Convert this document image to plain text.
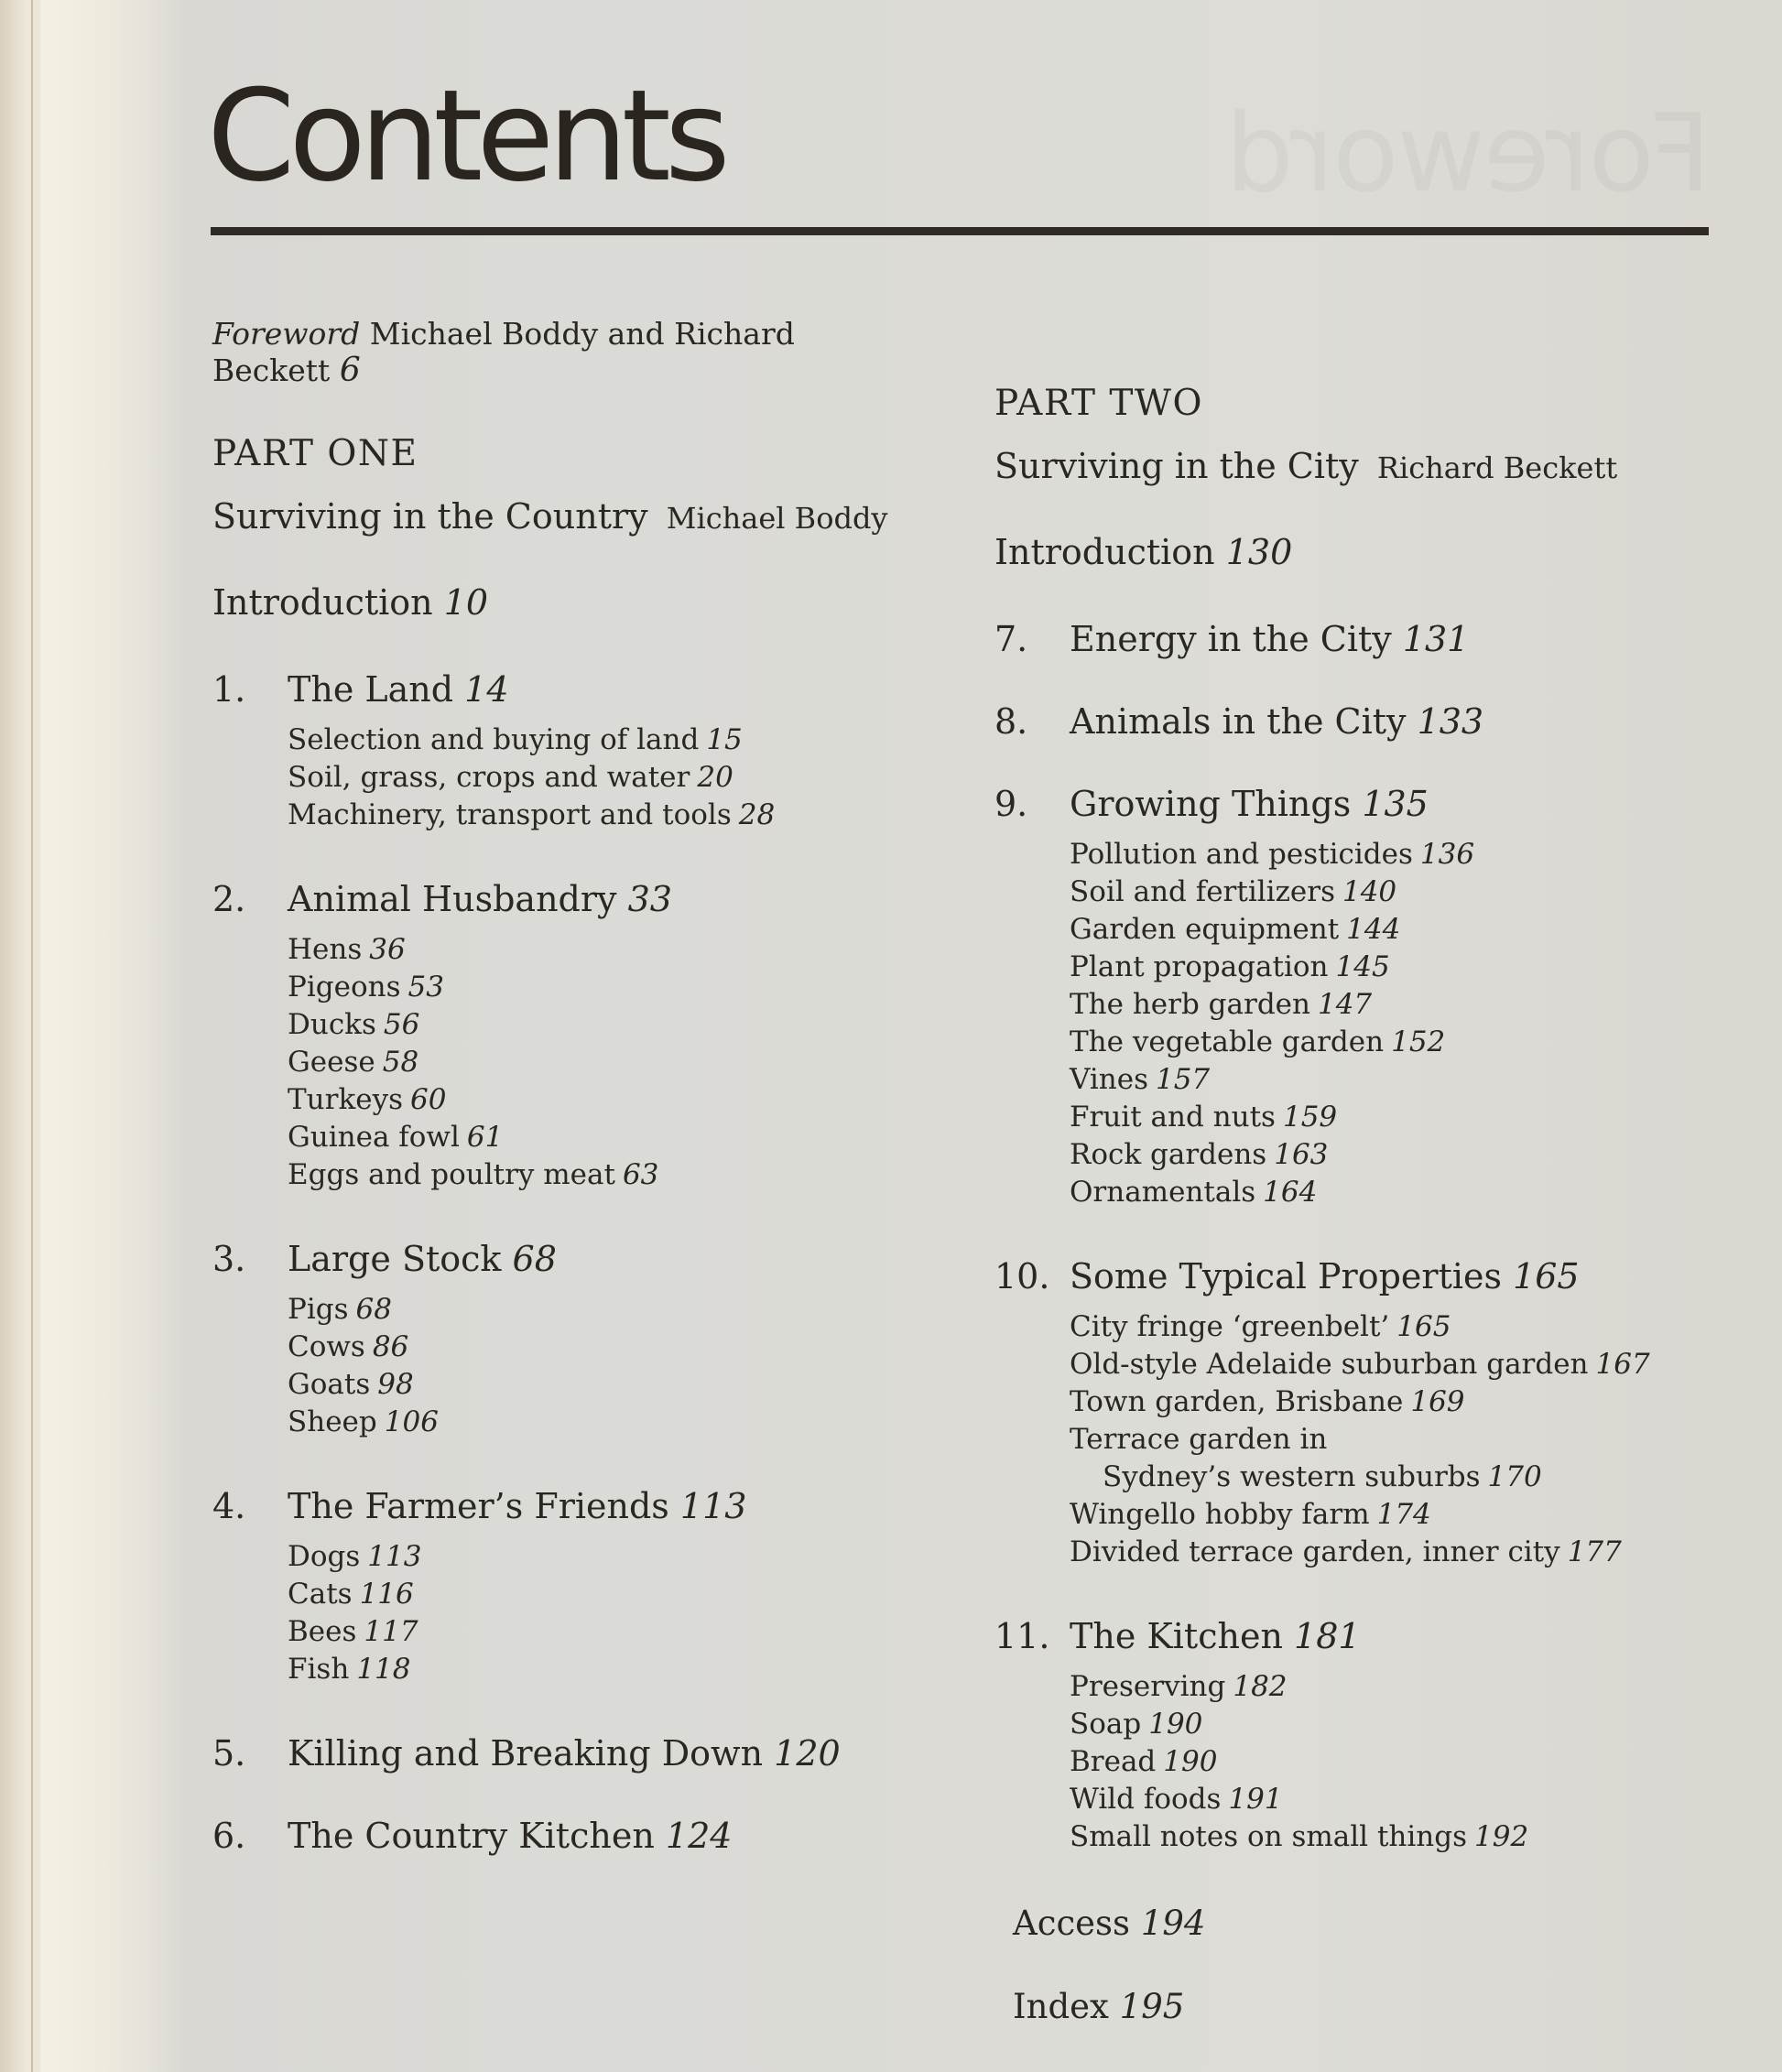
Foreword
Contents
Foreword Michael Boddy and Richard Beckett 6
PART ONE
Surviving in the Country Michael Boddy
Introduction 10
1.	The Land 14
Selection and buying of land 15
Soil, grass, crops and water 20
Machinery, transport and tools 28
2.	Animal Husbandry 33
Hens 36
Pigeons 53
Ducks 56
Geese 58
Turkeys 60
Guinea fowl 61
Eggs and poultry meat 63
3.	Large Stock 68
Pigs 68
Cows 86
Goats 98
Sheep 106
4.	The Farmer’s Friends 113
Dogs 113
Cats 116
Bees 117
Fish 118
5.	Killing and Breaking Down 120
6.	The Country Kitchen 124
PART TWO
Surviving in the City Richard Beckett
Introduction 130
7.	Energy in the City 131
8.	Animals in the City 133
9.	Growing Things 135
Pollution and pesticides 136
Soil and fertilizers 140
Garden equipment 144
Plant propagation 145
The herb garden 147
The vegetable garden 152
Vines 157
Fruit and nuts 159
Rock gardens 163
Ornamentals 164
10. Some Typical Properties 165
City fringe ‘greenbelt’ 165
Old-style Adelaide suburban garden 167
Town garden, Brisbane 169
Terrace garden in
Sydney’s western suburbs 170
Wingello hobby farm 174
Divided terrace garden, inner city 177
11. The Kitchen 181
Preserving 182
Soap 190
Bread 190
Wild foods 191
Small notes on small things 192
Access 194
Index 195
